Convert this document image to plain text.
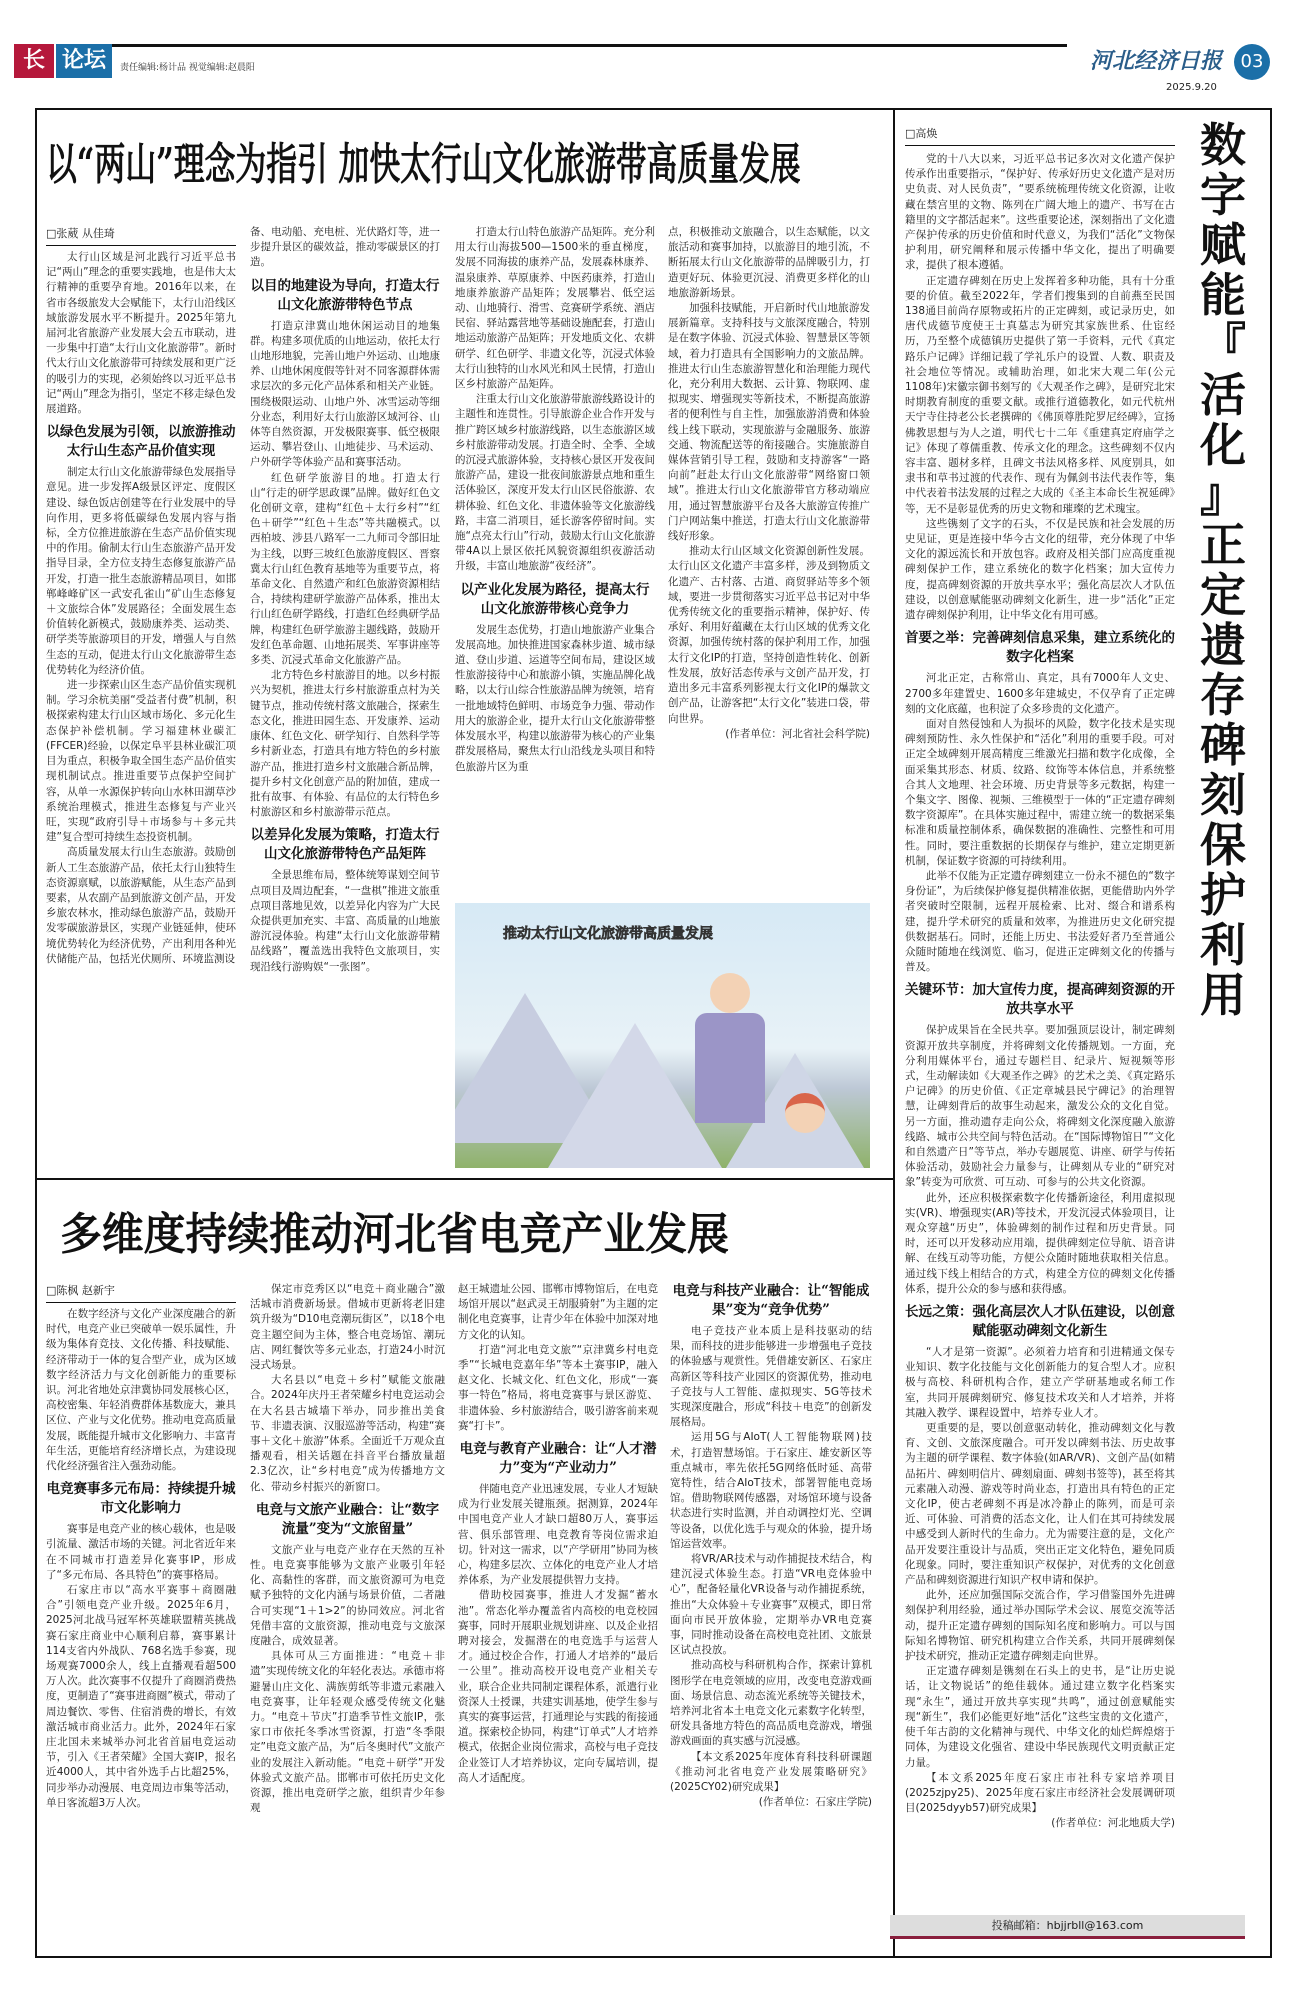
长城
论坛	责任编辑:杨计品 视觉编辑:赵晨阳	河北经济日报	03
2025.9.20
以“两山”理念为指引 加快太行山文化旅游带高质量发展
□张葳 从佳琦

太行山区域是河北践行习近平总书记“两山”理念的重要实践地，也是伟大太行精神的重要孕育地。2016年以来，在省市各级旅发大会赋能下，太行山沿线区域旅游发展水平不断提升。2025年第九届河北省旅游产业发展大会五市联动，进一步集中打造“太行山文化旅游带”。新时代太行山文化旅游带可持续发展和更广泛的吸引力的实现，必须始终以习近平总书记“两山”理念为指引，坚定不移走绿色发展道路。

以绿色发展为引领，以旅游推动太行山生态产品价值实现

制定太行山文化旅游带绿色发展指导意见。进一步发挥A级景区评定、度假区建设、绿色饭店创建等在行业发展中的导向作用，更多将低碳绿色发展内容与指标，全方位推进旅游在生态产品价值实现中的作用。偷制太行山生态旅游产品开发指导目录，全方位支持生态修复旅游产品开发，打造一批生态旅游精品项目，如邯郸峰峰矿区一武安孔雀山“矿山生态修复＋文旅综合体”发展路径；全面发展生态价值转化新模式，鼓励康养类、运动类、研学类等旅游项目的开发，增强人与自然生态的互动，促进太行山文化旅游带生态优势转化为经济价值。

进一步探索山区生态产品价值实现机制。学习余杭美丽“受益者付费”机制，积极探索构建太行山区域市场化、多元化生态保护补偿机制。学习福建林业碳汇(FFCER)经验，以保定阜平县林业碳汇项目为重点，积极争取全国生态产品价值实现机制试点。推进重要节点保护空间扩容，从单一水源保护转向山水林田湖草沙系统治理模式，推进生态修复与产业兴旺，实现“政府引导＋市场参与＋多元共建”复合型可持续生态投资机制。

高质量发展太行山生态旅游。鼓励创新人工生态旅游产品，依托太行山独特生态资源禀赋，以旅游赋能，从生态产品到要素，从农副产品到旅游文创产品，开发乡旅农林水，推动绿色旅游产品，鼓励开发零碳旅游景区，实现产业链延伸，使环境优势转化为经济优势，产出利用各种光伏储能产品，包括光伏厕所、环境监测设

备、电动船、充电桩、光伏路灯等，进一步提升景区的碳效益，推动零碳景区的打造。

以目的地建设为导向，打造太行山文化旅游带特色节点

打造京津冀山地休闲运动目的地集群。构建多项优质的山地运动，依托太行山地形地貌，完善山地户外运动、山地康养、山地休闲度假等针对不同客源群体需求层次的多元化产品体系和相关产业链。围绕极限运动、山地户外、冰雪运动等细分业态，利用好太行山旅游区域河谷、山体等自然资源，开发极限赛事、低空极限运动、攀岩登山、山地徒步、马术运动、户外研学等体验产品和赛事活动。

红色研学旅游目的地。打造太行山“行走的研学思政课”品牌。做好红色文化创研文章，建构“红色＋太行乡村”“红色＋研学”“红色＋生态”等共融模式。以西柏坡、涉县八路军一二九师司令部旧址为主线，以野三坡红色旅游度假区、晋察冀太行山红色教育基地等为重要节点，将革命文化、自然遗产和红色旅游资源相结合，持续构建研学旅游产品体系，推出太行山红色研学路线，打造红色经典研学品牌，构建红色研学旅游主题线路，鼓励开发红色革命题、山地拓展类、军事讲座等多类、沉浸式革命文化旅游产品。

北方特色乡村旅游目的地。以乡村振兴为契机，推进太行乡村旅游重点村为关键节点，推动传统村落文旅融合，探索生态文化，推进田园生态、开发康养、运动康体、红色文化、研学知行、自然科学等乡村新业态，打造具有地方特色的乡村旅游产品，推进打造乡村文旅融合新品牌，提升乡村文化创意产品的附加值，建成一批有故事、有体验、有品位的太行特色乡村旅游区和乡村旅游带示范点。

以差异化发展为策略，打造太行山文化旅游带特色产品矩阵

全景思维布局，整体统筹谋划空间节点项目及周边配套，“一盘棋”推进文旅重点项目落地见效，以差异化内容为广大民众提供更加充实、丰富、高质量的山地旅游沉浸体验。构建“太行山文化旅游带精品线路”，覆盖选出我特色文旅项目，实现沿线行游购娱“一张图”。

打造太行山特色旅游产品矩阵。充分利用太行山海拔500—1500米的垂直梯度，发展不同海拔的康养产品，发展森林康养、温泉康养、草原康养、中医药康养，打造山地康养旅游产品矩阵；发展攀岩、低空运动、山地骑行、滑雪、竞赛研学系统、酒店民宿、驿站露营地等基础设施配套，打造山地运动旅游产品矩阵；开发地质文化、农耕研学、红色研学、非遗文化等，沉浸式体验太行山独特的山水风光和风土民情，打造山区乡村旅游产品矩阵。

注重太行山文化旅游带旅游线路设计的主题性和连贯性。引导旅游企业合作开发与推广跨区域乡村旅游线路，以生态旅游区域乡村旅游带动发展。打造全时、全季、全域的沉浸式旅游体验，支持核心景区开发夜间旅游产品，建设一批夜间旅游景点地和重生活体验区，深度开发太行山区民俗旅游、农耕体验、红色文化、非遗体验等文化旅游线路，丰富二消项目，延长游客停留时间。实施“点亮太行山”行动，鼓励太行山文化旅游带4A以上景区依托风貌资源组织夜游活动升级，丰富山地旅游“夜经济”。

以产业化发展为路径，提高太行山文化旅游带核心竞争力

发展生态优势，打造山地旅游产业集合发展高地。加快推进国家森林步道、城市绿道、登山步道、运道等空间布局，建设区域性旅游接待中心和旅游小镇，实施品牌化战略，以太行山综合性旅游品牌为统领，培育一批地域特色鲜明、市场竞争力强、带动作用大的旅游企业，提升太行山文化旅游带整体发展水平，构建以旅游带为核心的产业集群发展格局，聚焦太行山沿线龙头项目和特色旅游片区为重

点，积极推动文旅融合，以生态赋能，以文旅活动和赛事加持，以旅游目的地引流，不断拓展太行山文化旅游带的品牌吸引力，打造更好玩、体验更沉浸、消费更多样化的山地旅游新场景。

加强科技赋能，开启新时代山地旅游发展新篇章。支持科技与文旅深度融合，特别是在数字体验、沉浸式体验、智慧景区等领域，着力打造具有全国影响力的文旅品牌。推进太行山生态旅游智慧化和治理能力现代化，充分利用大数据、云计算、物联网、虚拟现实、增强现实等新技术，不断提高旅游者的便利性与自主性，加强旅游消费和体验线上线下联动，实现旅游与金融服务、旅游交通、物流配送等的衔接融合。实施旅游自媒体营销引导工程，鼓励和支持游客“一路向前”赶赴太行山文化旅游带“网络窗口领域”。推进太行山文化旅游带官方移动端应用，通过智慧旅游平台及各大旅游宣传推广门户网站集中推送，打造太行山文化旅游带线好形象。

推动太行山区域文化资源创新性发展。太行山区文化遗产丰富多样，涉及到物质文化遗产、古村落、古道、商贸驿站等多个领域，要进一步贯彻落实习近平总书记对中华优秀传统文化的重要指示精神，保护好、传承好、利用好蕴藏在太行山区域的优秀文化资源，加强传统村落的保护利用工作，加强太行文化IP的打造，坚持创造性转化、创新性发展，放好活态传承与文创产品开发，打造出多元丰富系列影视太行文化IP的爆款文创产品，让游客把“太行文化”装进口袋，带向世界。

(作者单位：河北省社会科学院)

推动太行山文化旅游带高质量发展
多维度持续推动河北省电竞产业发展
□陈枫 赵新宇

在数字经济与文化产业深度融合的新时代，电竞产业已突破单一娱乐属性，升级为集体育竞技、文化传播、科技赋能、经济带动于一体的复合型产业，成为区域数字经济活力与文化创新能力的重要标识。河北省地处京津冀协同发展核心区，高校密集、年轻消费群体基数庞大，兼具区位、产业与文化优势。推动电竞高质量发展，既能提升城市文化影响力、丰富青年生活，更能培育经济增长点，为建设现代化经济强省注入强劲动能。

电竞赛事多元布局：持续提升城市文化影响力

赛事是电竞产业的核心载体，也是吸引流量、激活市场的关键。河北省近年来在不同城市打造差异化赛事IP，形成了“多元布局、各具特色”的赛事格局。

石家庄市以“高水平赛事＋商圈融合”引领电竞产业升级。2025年6月，2025河北战马冠军杯英雄联盟精英挑战赛石家庄商业中心顺利启幕，赛事累计114支省内外战队、768名选手参赛，现场观赛7000余人，线上直播观看超500万人次。此次赛事不仅提升了商圈消费热度，更制造了“赛事进商圈”模式，带动了周边餐饮、零售、住宿消费的增长，有效激活城市商业活力。此外，2024年石家庄北国未来城举办河北省首届电竞运动节，引入《王者荣耀》全国大赛IP，报名近4000人，其中省外选手占比超25%，同步举办动漫展、电竞周边市集等活动，单日客流超3万人次。

保定市竞秀区以“电竞＋商业融合”激活城市消费新场景。借城市更新将老旧建筑升级为“D10电竞潮玩街区”，以18个电竞主题空间为主体，整合电竞场馆、潮玩店、网红餐饮等多元业态，打造24小时沉浸式场景。

大名县以“电竞＋乡村”赋能文旅融合。2024年庆丹王者荣耀乡村电竞运动会在大名县古城墙下举办，同步推出美食节、非遗表演、汉服巡游等活动，构建“赛事＋文化＋旅游”体系。全面近千万观众直播观看，相关话题在抖音平台播放量超2.3亿次，让“乡村电竞”成为传播地方文化、带动乡村振兴的新窗口。

电竞与文旅产业融合：让“数字流量”变为“文旅留量”

文旅产业与电竞产业存在天然的互补性。电竞赛事能够为文旅产业吸引年轻化、高黏性的客群，而文旅资源可为电竞赋予独特的文化内涵与场景价值，二者融合可实现“1＋1>2”的协同效应。河北省凭借丰富的文旅资源，推动电竞与文旅深度融合，成效显著。

具体可从三方面推进：“电竞＋非遗”实现传统文化的年轻化表达。承德市将避暑山庄文化、满族剪纸等非遗元素融入电竞赛事，让年轻观众感受传统文化魅力。“电竞＋节庆”打造季节性文旅IP，张家口市依托冬季冰雪资源，打造“冬季限定”电竞文旅产品，为“后冬奥时代”文旅产业的发展注入新动能。“电竞＋研学”开发体验式文旅产品。邯郸市可依托历史文化资源，推出电竞研学之旅，组织青少年参观

赵王城遗址公园、邯郸市博物馆后，在电竞场馆开展以“赵武灵王胡服骑射”为主题的定制化电竞赛事，让青少年在体验中加深对地方文化的认知。

打造“河北电竞文旅”“京津冀乡村电竞季”“长城电竞嘉年华”等本土赛事IP，融入赵文化、长城文化、红色文化，形成“一赛事一特色”格局，将电竞赛事与景区游览、非遗体验、乡村旅游结合，吸引游客前来观赛“打卡”。

电竞与教育产业融合：让“人才潜力”变为“产业动力”

伴随电竞产业迅速发展，专业人才短缺成为行业发展关键瓶颈。据测算，2024年中国电竞产业人才缺口超80万人，赛事运营、俱乐部管理、电竞教育等岗位需求迫切。针对这一需求，以“产学研用”协同为核心，构建多层次、立体化的电竞产业人才培养体系，为产业发展提供智力支持。

借助校园赛事，推进人才发掘“蓄水池”。常态化举办覆盖省内高校的电竞校园赛事，同时开展职业规划讲座、以及企业招聘对接会，发掘潜在的电竞选手与运营人才。通过校企合作，打通人才培养的“最后一公里”。推动高校开设电竞产业相关专业，联合企业共同制定课程体系，派遣行业资深人士授课，共建实训基地，使学生参与真实的赛事运营，打通理论与实践的衔接通道。探索校企协同，构建“订单式”人才培养模式，依据企业岗位需求，高校与电子竞技企业签订人才培养协议，定向专属培训，提高人才适配度。

电竞与科技产业融合：让“智能成果”变为“竞争优势”

电子竞技产业本质上是科技驱动的结果，而科技的进步能够进一步增强电子竞技的体验感与观赏性。凭借雄安新区、石家庄高新区等科技产业园区的资源优势，推动电子竞技与人工智能、虚拟现实、5G等技术实现深度融合，形成“科技＋电竞”的创新发展格局。

运用5G与AIoT(人工智能物联网)技术，打造智慧场馆。于石家庄、雄安新区等重点城市，率先依托5G网络低时延、高带宽特性，结合AIoT技术，部署智能电竞场馆。借助物联网传感器，对场馆环境与设备状态进行实时监测，并自动调控灯光、空调等设备，以优化选手与观众的体验，提升场馆运营效率。

将VR/AR技术与动作捕捉技术结合，构建沉浸式体验生态。打造“VR电竞体验中心”，配备轻量化VR设备与动作捕捉系统，推出“大众体验＋专业赛事”双模式，即日常面向市民开放体验，定期举办VR电竞赛事，同时推动设备在高校电竞社团、文旅景区试点投放。

推动高校与科研机构合作，探索计算机图形学在电竞领域的应用，改变电竞游戏画面、场景信息、动态流光系统等关键技术，培养河北省本土电竞文化元素数字化转型，研发具备地方特色的高品质电竞游戏，增强游戏画面的真实感与沉浸感。

【本文系2025年度体育科技科研课题《推动河北省电竞产业发展策略研究》(2025CY02)研究成果】

(作者单位：石家庄学院)

□高焕	数
字
赋
能
『
活
化
』
正
定
遗
存
碑
刻
保
护
利
用

党的十八大以来，习近平总书记多次对文化遗产保护传承作出重要指示，“保护好、传承好历史文化遗产是对历史负责、对人民负责”，“要系统梳理传统文化资源，让收藏在禁宫里的文物、陈列在广阔大地上的遗产、书写在古籍里的文字都活起来”。这些重要论述，深刻指出了文化遗产保护传承的历史价值和时代意义，为我们“活化”文物保护利用，研究阐释和展示传播中华文化，提出了明确要求，提供了根本遵循。

正定遗存碑刻在历史上发挥着多种功能，具有十分重要的价值。截至2022年，学者们搜集到的自前燕至民国138通目前尚存原物或拓片的正定碑刻，或记录历史，如唐代成德节度使王士真墓志为研究其家族世系、仕宦经历，乃至整个成德镇历史提供了第一手资料，元代《真定路乐户记碑》详细记载了学礼乐户的设置、人数、职责及社会地位等情况。或辅助治理，如北宋大观二年(公元1108年)宋徽宗御书刻写的《大观圣作之碑》，是研究北宋时期教育制度的重要文献。或推行道德教化，如元代杭州天宁寺住持老公长老撰碑的《佛顶尊胜陀罗尼经碑》，宣扬佛教思想与为人之道，明代七十二年《重建真定府庙学之记》体现了尊儒重教、传承文化的理念。这些碑刻不仅内容丰富、题材多样，且碑文书法风格多样、风度别具，如隶书和草书过渡的代表作、现有为佩剑书法代表作等，集中代表着书法发展的过程之大成的《圣主本命长生祝延碑》等，无不是彰显优秀的历史文物和璀璨的艺术瑰宝。

这些镌刻了文字的石头，不仅是民族和社会发展的历史见证，更是连接中华今古文化的纽带，充分体现了中华文化的源远流长和开放包容。政府及相关部门应高度重视碑刻保护工作，建立系统化的数字化档案；加大宣传力度，提高碑刻资源的开放共享水平；强化高层次人才队伍建设，以创意赋能驱动碑刻文化新生，进一步“活化”正定遗存碑刻保护利用，让中华文化有用可感。

首要之举：完善碑刻信息采集，建立系统化的数字化档案

河北正定，古称常山、真定，具有7000年人文史、2700多年建置史、1600多年建城史，不仅孕育了正定碑刻的文化底蕴，也积淀了众多珍贵的文化遗产。

面对自然侵蚀和人为损坏的风险，数字化技术是实现碑刻预防性、永久性保护和“活化”利用的重要手段。可对正定全域碑刻开展高精度三维激光扫描和数字化成像，全面采集其形态、材质、纹路、纹饰等本体信息，并系统整合其人文地理、社会环境、历史背景等多元数据，构建一个集文字、图像、视频、三维模型于一体的“正定遗存碑刻数字资源库”。在具体实施过程中，需建立统一的数据采集标准和质量控制体系，确保数据的准确性、完整性和可用性。同时，要注重数据的长期保存与维护，建立定期更新机制，保证数字资源的可持续利用。

此举不仅能为正定遗存碑刻建立一份永不褪色的“数字身份证”，为后续保护修复提供精准依据，更能借助内外学者突破时空限制，远程开展检索、比对、缀合和谱系构建，提升学术研究的质量和效率，为推进历史文化研究提供数据基石。同时，还能上历史、书法爱好者乃至普通公众随时随地在线浏览、临习，促进正定碑刻文化的传播与普及。

关键环节：加大宣传力度，提高碑刻资源的开放共享水平

保护成果旨在全民共享。要加强顶层设计，制定碑刻资源开放共享制度，并将碑刻文化传播规划。一方面，充分利用媒体平台，通过专题栏目、纪录片、短视频等形式，生动解读如《大观圣作之碑》的艺术之美、《真定路乐户记碑》的历史价值、《正定章城县民宁碑记》的治理智慧，让碑刻背后的故事生动起来，激发公众的文化自觉。另一方面，推动遗存走向公众，将碑刻文化深度融入旅游线路、城市公共空间与特色活动。在“国际博物馆日”“文化和自然遗产日”等节点，举办专题展览、讲座、研学与传拓体验活动，鼓励社会力量参与，让碑刻从专业的“研究对象”转变为可欣赏、可互动、可参与的公共文化资源。

此外，还应积极探索数字化传播新途径，利用虚拟现实(VR)、增强现实(AR)等技术，开发沉浸式体验项目，让观众穿越“历史”，体验碑刻的制作过程和历史背景。同时，还可以开发移动应用端，提供碑刻定位导航、语音讲解、在线互动等功能，方便公众随时随地获取相关信息。通过线下线上相结合的方式，构建全方位的碑刻文化传播体系，提升公众的参与感和获得感。

长远之策：强化高层次人才队伍建设，以创意赋能驱动碑刻文化新生

“人才是第一资源”。必须着力培育和引进精通文保专业知识、数字化技能与文化创新能力的复合型人才。应积极与高校、科研机构合作，建立产学研基地或名师工作室，共同开展碑刻研究、修复技术攻关和人才培养，并将其融入教学、课程设置中，培养专业人才。

更重要的是，要以创意驱动转化，推动碑刻文化与教育、文创、文旅深度融合。可开发以碑刻书法、历史故事为主题的研学课程、数字体验(如AR/VR)、文创产品(如精品拓片、碑刻明信片、碑刻扇面、碑刻书签等)，甚至将其元素融入动漫、游戏等时尚业态，打造出具有特色的正定文化IP，使古老碑刻不再是冰冷静止的陈列，而是可亲近、可体验、可消费的活态文化，让人们在其可持续发展中感受到人新时代的生命力。尤为需要注意的是，文化产品开发要注重设计与品质，突出正定文化特色，避免同质化现象。同时，要注重知识产权保护，对优秀的文化创意产品和碑刻资源进行知识产权申请和保护。

此外，还应加强国际交流合作，学习借鉴国外先进碑刻保护利用经验，通过举办国际学术会议、展览交流等活动，提升正定遗存碑刻的国际知名度和影响力。可以与国际知名博物馆、研究机构建立合作关系，共同开展碑刻保护技术研究，推动正定遗存碑刻走向世界。

正定遗存碑刻是镌刻在石头上的史书，是“让历史说话，让文物说话”的绝佳载体。通过建立数字化档案实现“永生”，通过开放共享实现“共鸣”，通过创意赋能实现“新生”，我们必能更好地“活化”这些宝贵的文化遗产，使千年古韵的文化精神与现代、中华文化的灿烂辉煌熔于同体，为建设文化强省、建设中华民族现代文明贡献正定力量。

【本文系2025年度石家庄市社科专家培养项目(2025zjpy25)、2025年度石家庄市经济社会发展调研项目(2025dyyb57)研究成果】

(作者单位：河北地质大学)

投稿邮箱：hbjjrbll@163.com
